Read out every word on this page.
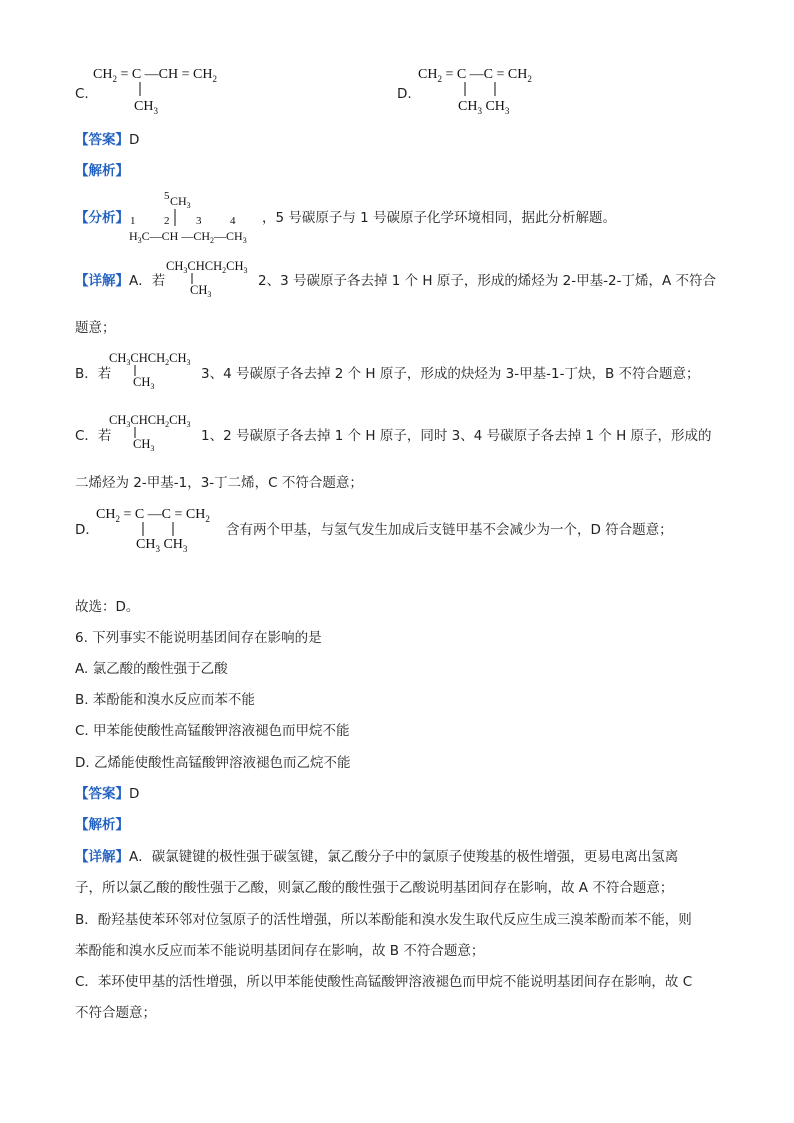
C.
$CH_2 = C$ —CH = $CH_2$
$CH_3$
D.
$CH_2 = C$ —C = $CH_2$
$CH_3$ $CH_3$
【答案】D
【解析】
【分析】
5 $CH_3$
1	2 3	4
$H_3C—CH$ $—CH_2—CH_3$
，5 号碳原子与 1 号碳原子化学环境相同，据此分析解题。
【详解】A．若
$CH_3CHCH_2CH_3$
$CH_3$
2、3 号碳原子各去掉 1 个 H 原子，形成的烯烃为 2-甲基-2-丁烯，A 不符合
题意；
B．若
$CH_3CHCH_2CH_3$
$CH_3$
3、4 号碳原子各去掉 2 个 H 原子，形成的炔烃为 3-甲基-1-丁炔，B 不符合题意；
C．若
$CH_3CHCH_2CH_3$
$CH_3$
1、2 号碳原子各去掉 1 个 H 原子，同时 3、4 号碳原子各去掉 1 个 H 原子，形成的
二烯烃为 2-甲基-1，3-丁二烯，C 不符合题意；
D．
$CH_2 = C$ —C = $CH_2$
$CH_3$ $CH_3$
含有两个甲基，与氢气发生加成后支链甲基不会减少为一个，D 符合题意；
故选：D。
6. 下列事实不能说明基团间存在影响的是
A. 氯乙酸的酸性强于乙酸
B. 苯酚能和溴水反应而苯不能
C. 甲苯能使酸性高锰酸钾溶液褪色而甲烷不能
D. 乙烯能使酸性高锰酸钾溶液褪色而乙烷不能
【答案】D
【解析】
【详解】A．碳氯键键的极性强于碳氢键，氯乙酸分子中的氯原子使羧基的极性增强，更易电离出氢离
子，所以氯乙酸的酸性强于乙酸，则氯乙酸的酸性强于乙酸说明基团间存在影响，故 A 不符合题意；
B．酚羟基使苯环邻对位氢原子的活性增强，所以苯酚能和溴水发生取代反应生成三溴苯酚而苯不能，则
苯酚能和溴水反应而苯不能说明基团间存在影响，故 B 不符合题意；
C．苯环使甲基的活性增强，所以甲苯能使酸性高锰酸钾溶液褪色而甲烷不能说明基团间存在影响，故 C
不符合题意；
